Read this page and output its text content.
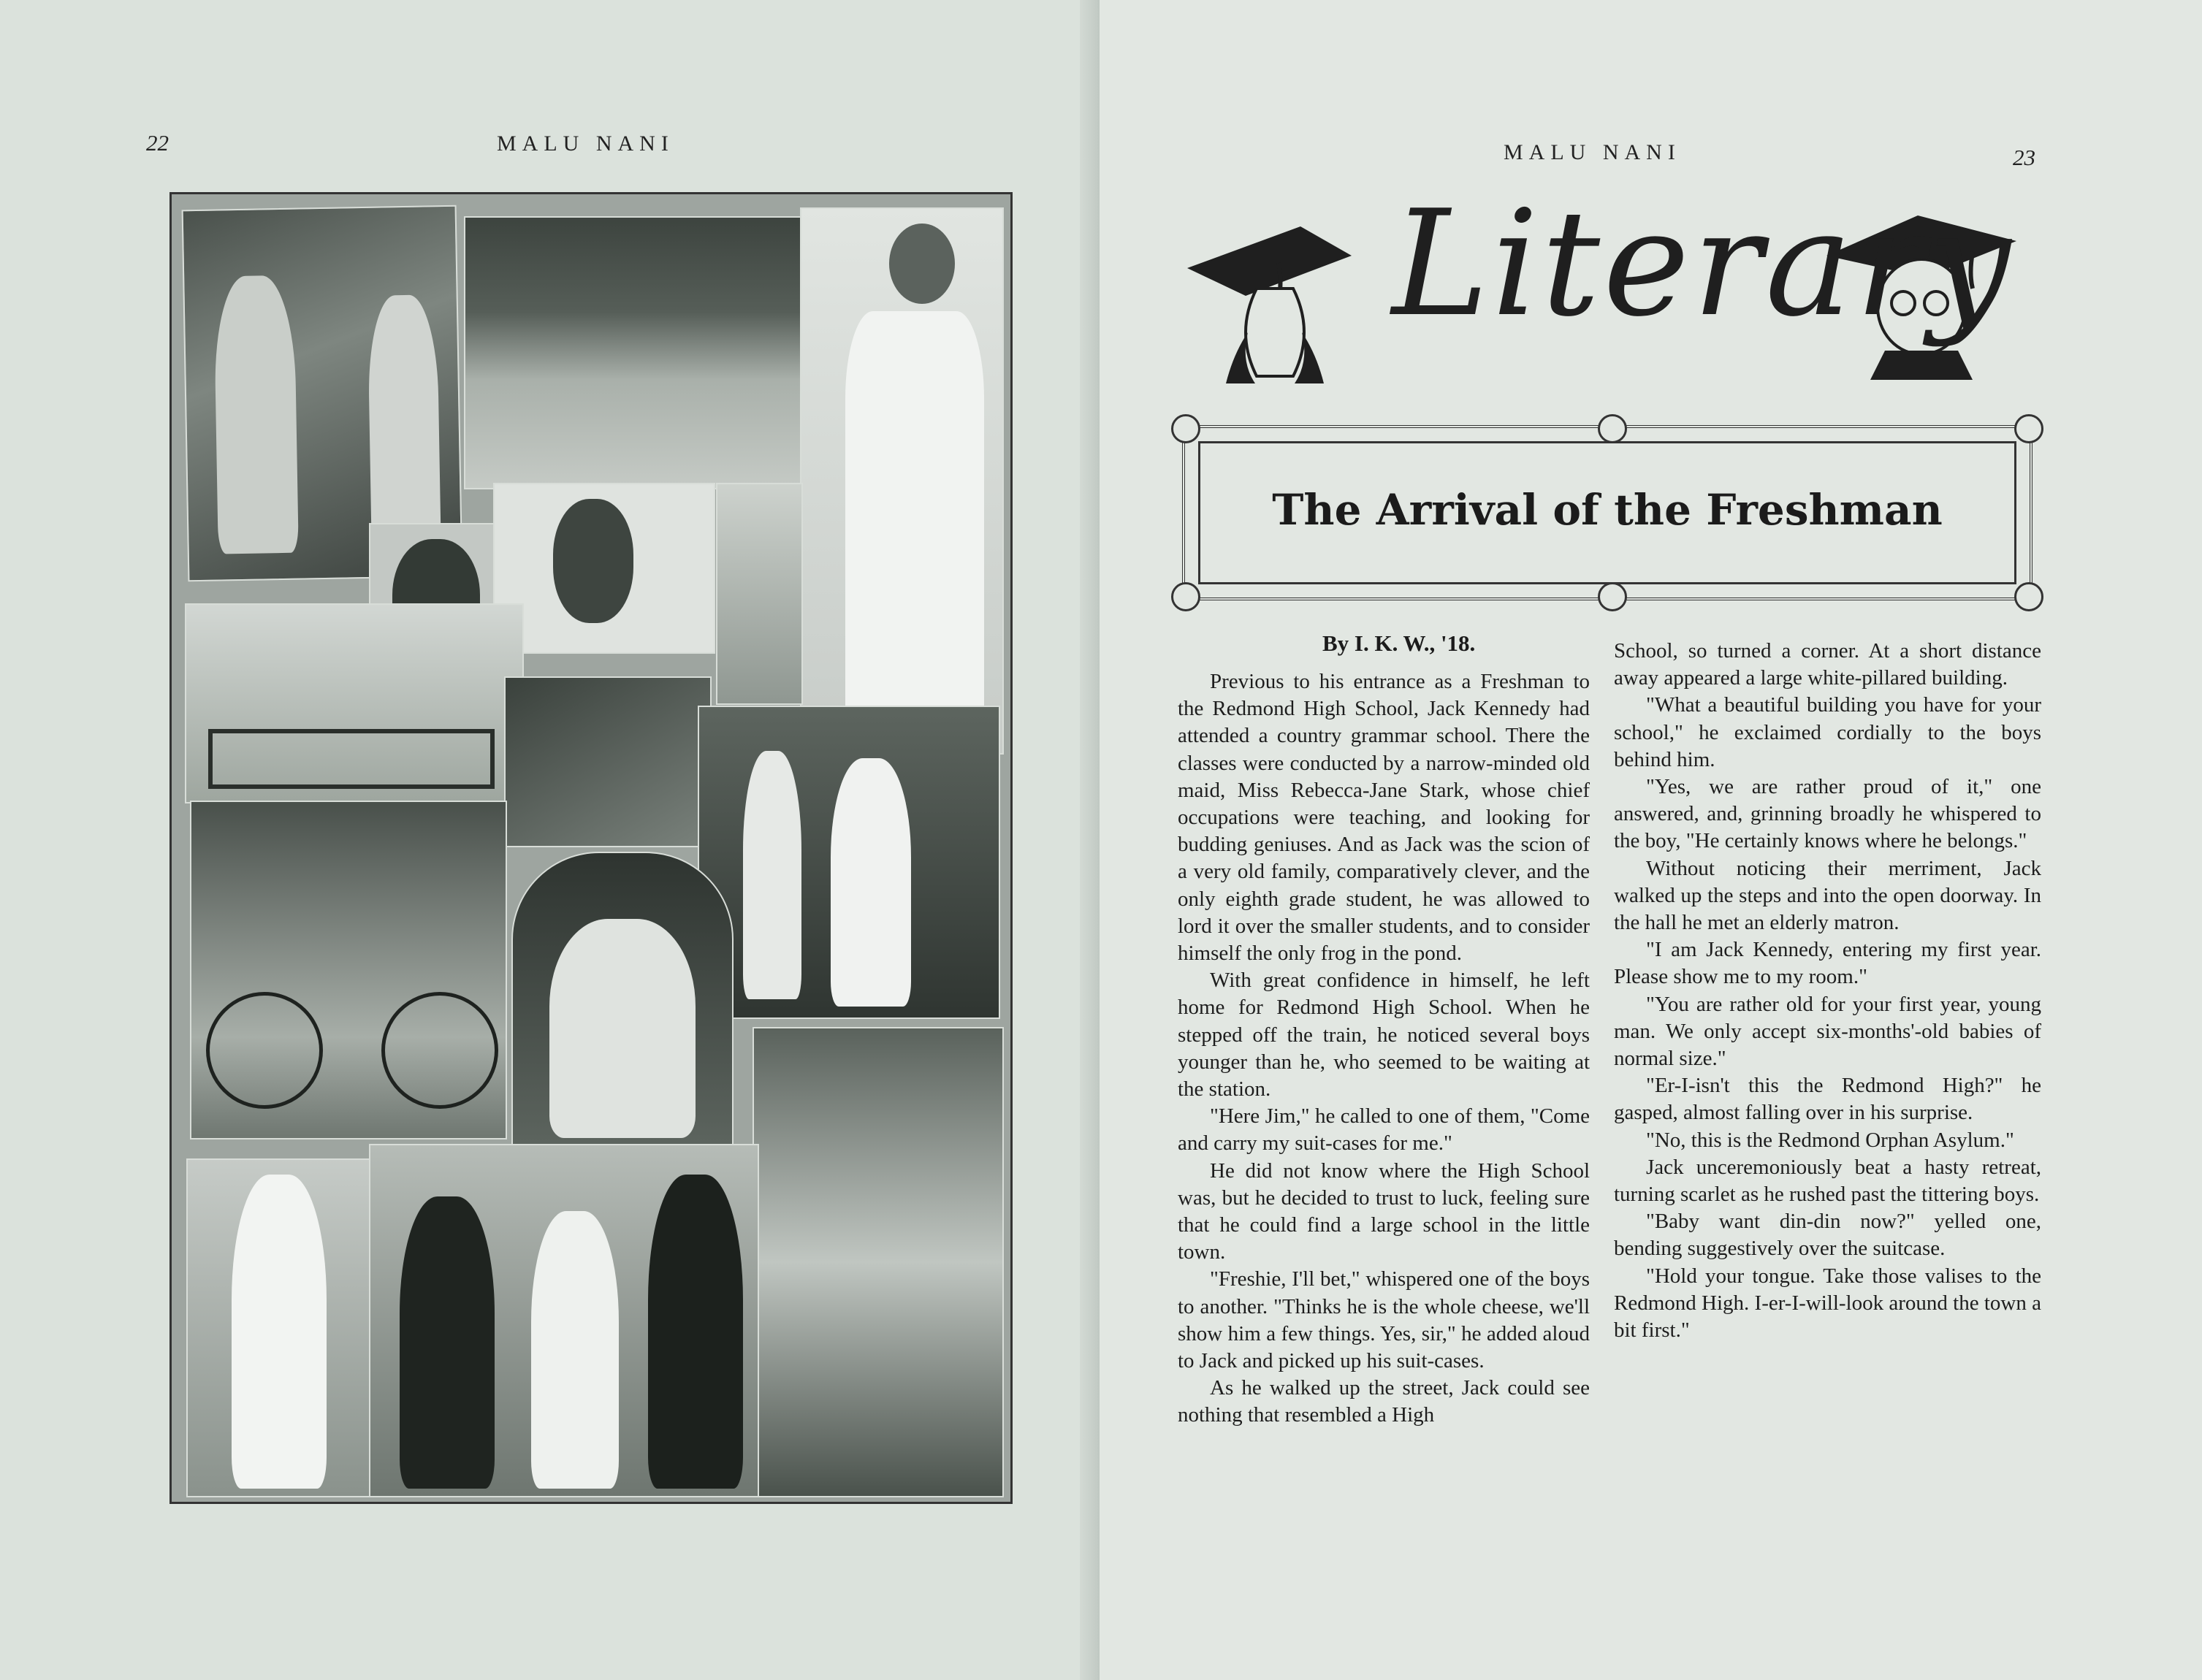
22	MALU NANI	MALU NANI	23
Literary
The Arrival of the Freshman
By I. K. W., '18.

Previous to his entrance as a Freshman to the Redmond High School, Jack Kennedy had attended a country grammar school. There the classes were conducted by a narrow-minded old maid, Miss Rebecca-Jane Stark, whose chief occupations were teaching, and looking for budding geniuses. And as Jack was the scion of a very old family, comparatively clever, and the only eighth grade student, he was allowed to lord it over the smaller students, and to consider himself the only frog in the pond.

With great confidence in himself, he left home for Redmond High School. When he stepped off the train, he noticed several boys younger than he, who seemed to be waiting at the station.

"Here Jim," he called to one of them, "Come and carry my suit-cases for me."

He did not know where the High School was, but he decided to trust to luck, feeling sure that he could find a large school in the little town.

"Freshie, I'll bet," whispered one of the boys to another. "Thinks he is the whole cheese, we'll show him a few things. Yes, sir," he added aloud to Jack and picked up his suit-cases.

As he walked up the street, Jack could see nothing that resembled a High

School, so turned a corner. At a short distance away appeared a large white-pillared building.

"What a beautiful building you have for your school," he exclaimed cordially to the boys behind him.

"Yes, we are rather proud of it," one answered, and, grinning broadly he whispered to the boy, "He certainly knows where he belongs."

Without noticing their merriment, Jack walked up the steps and into the open doorway. In the hall he met an elderly matron.

"I am Jack Kennedy, entering my first year. Please show me to my room."

"You are rather old for your first year, young man. We only accept six-months'-old babies of normal size."

"Er-I-isn't this the Redmond High?" he gasped, almost falling over in his surprise.

"No, this is the Redmond Orphan Asylum."

Jack unceremoniously beat a hasty retreat, turning scarlet as he rushed past the tittering boys.

"Baby want din-din now?" yelled one, bending suggestively over the suitcase.

"Hold your tongue. Take those valises to the Redmond High. I-er-I-will-look around the town a bit first."
